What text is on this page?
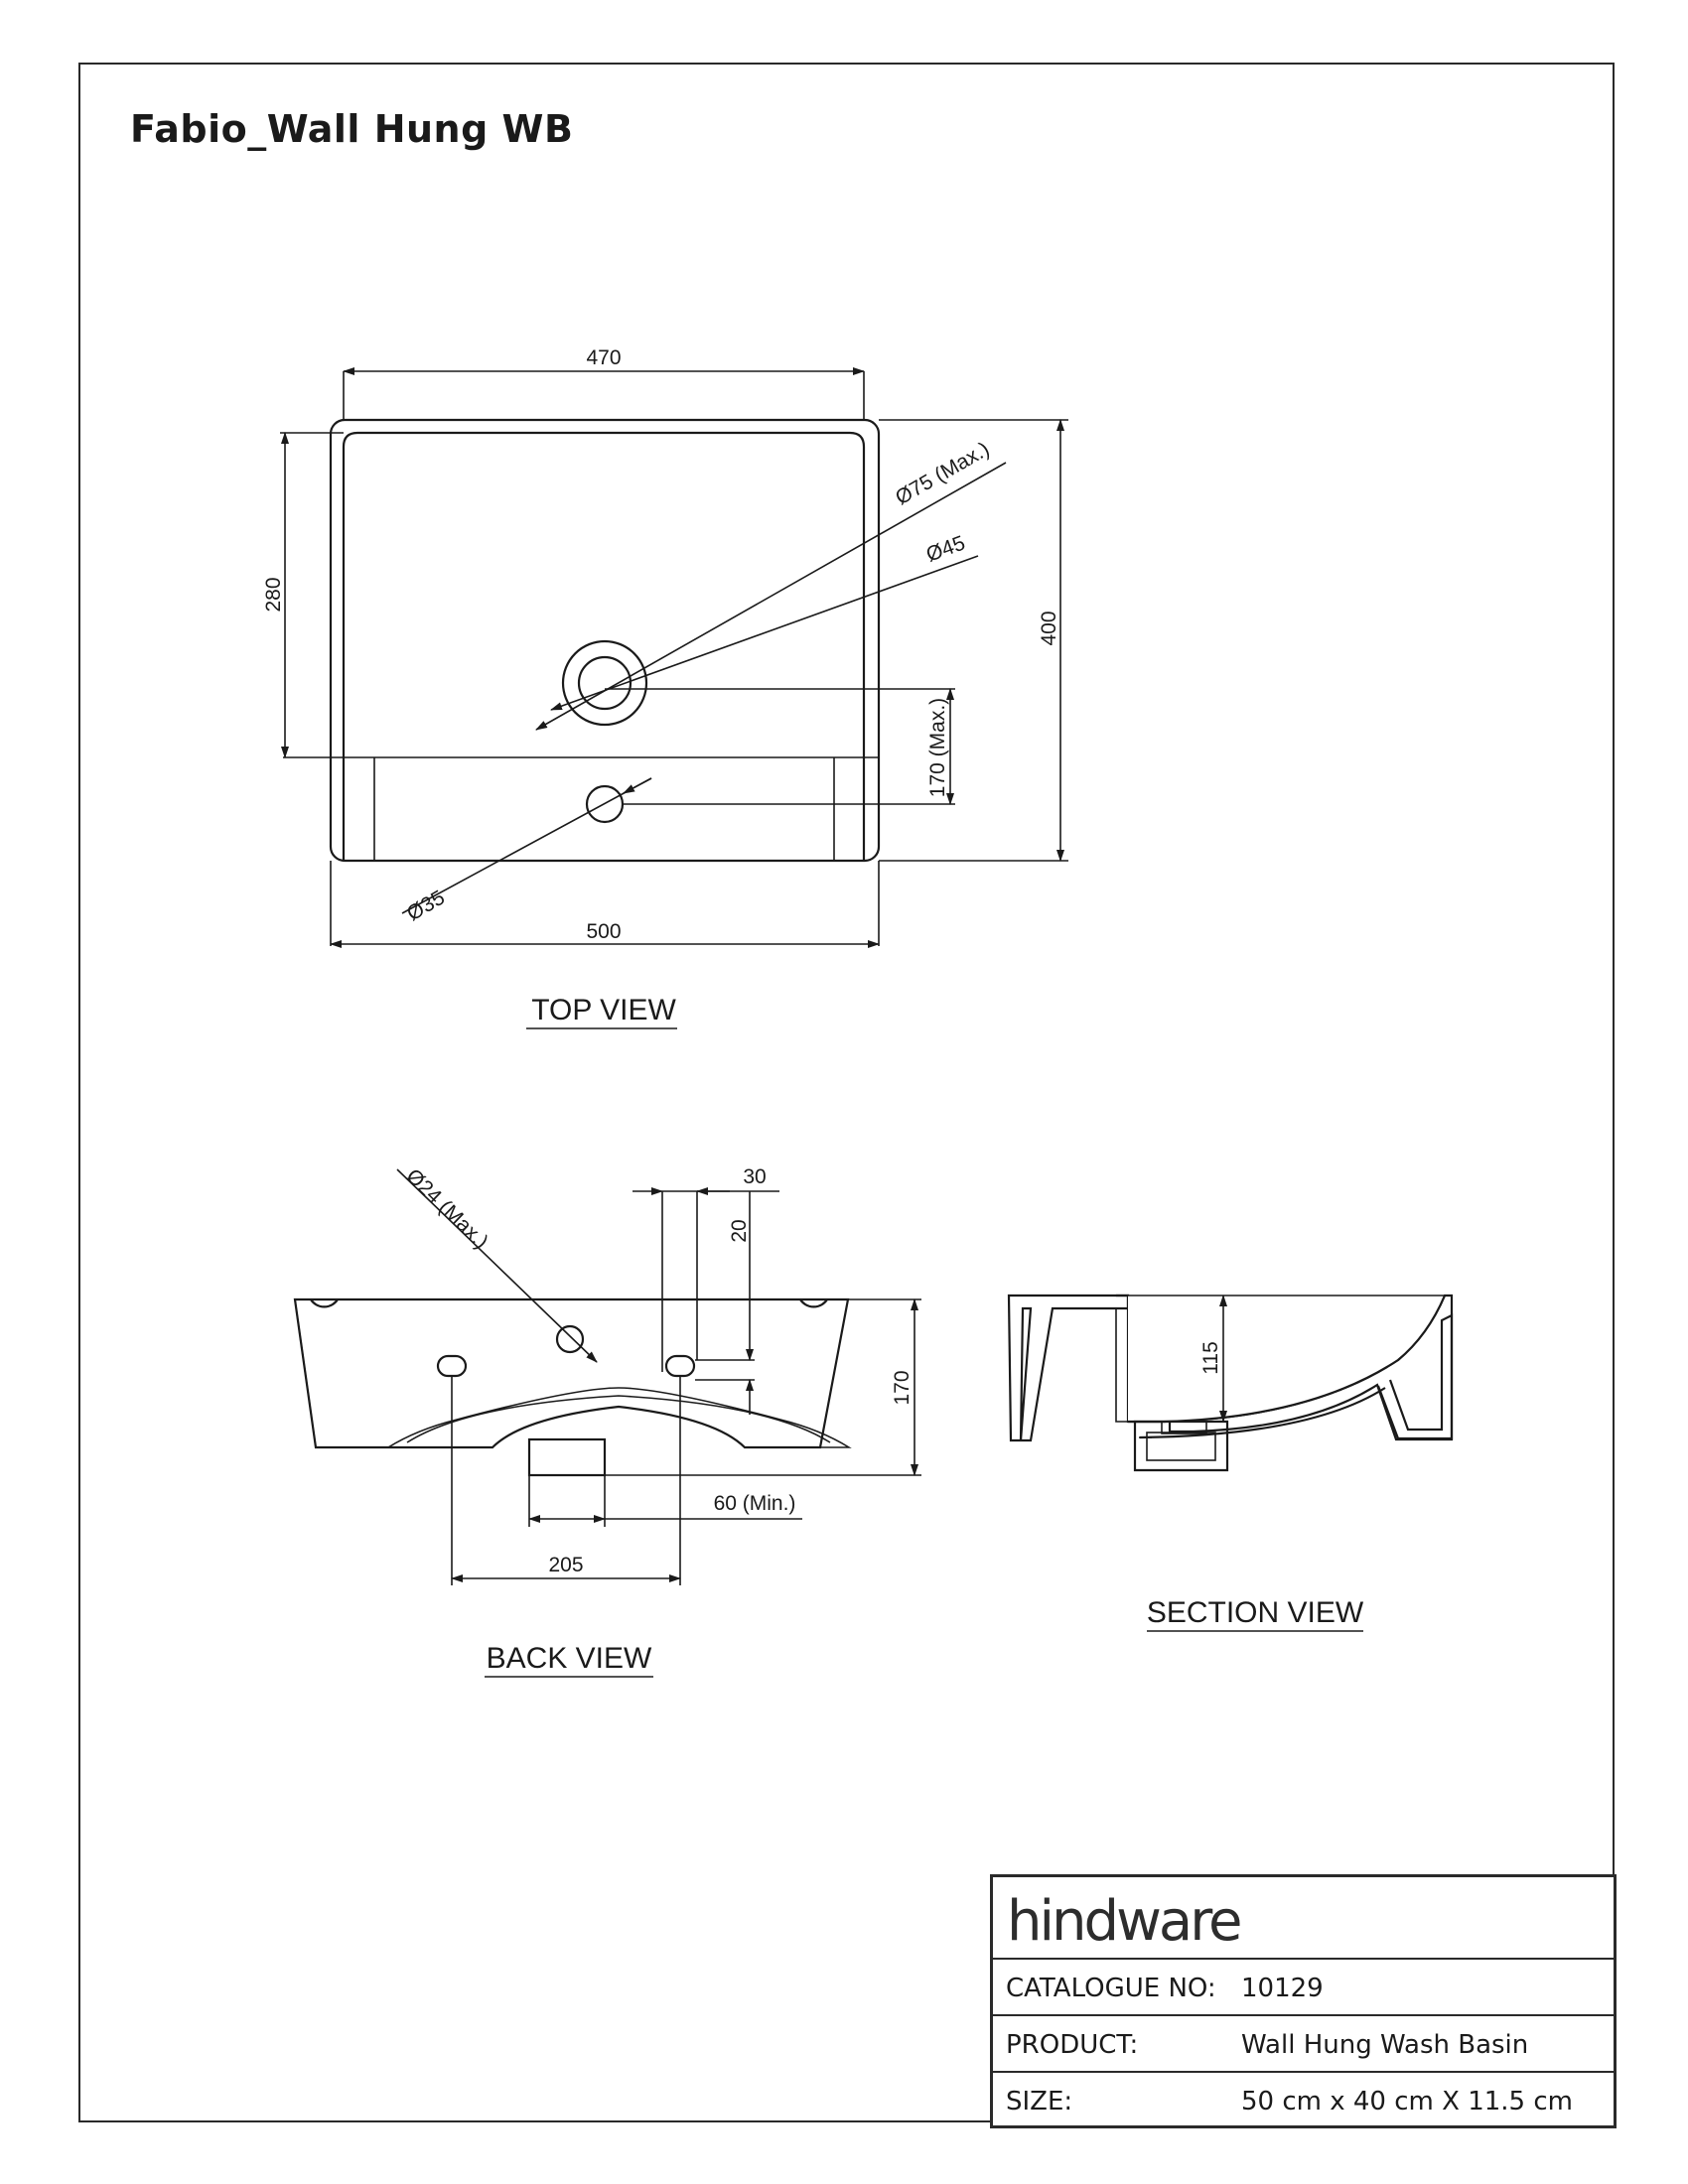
Fabio_Wall Hung WB
470
500
280
400
170 (Max.)
Ø75 (Max.)
Ø45
Ø35
TOP VIEW
30
20
170
60 (Min.)
205
Ø24 (Max.)
BACK VIEW
115
SECTION VIEW
hindware
CATALOGUE NO: 10129
PRODUCT:	Wall Hung Wash Basin
SIZE:	50 cm x 40 cm X 11.5 cm
